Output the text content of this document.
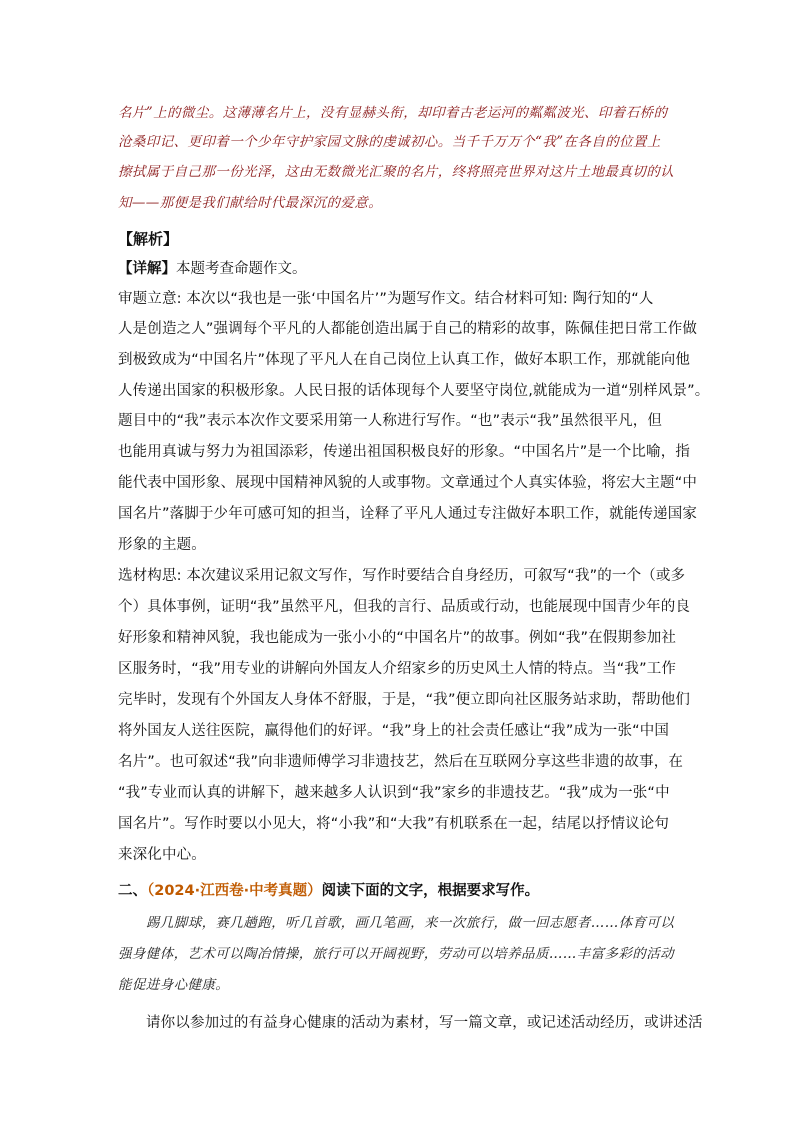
名片”上的微尘。这薄薄名片上，没有显赫头衔，却印着古老运河的粼粼波光、印着石桥的
沧桑印记、更印着一个少年守护家园文脉的虔诚初心。当千千万万个“我”在各自的位置上
擦拭属于自己那一份光泽，这由无数微光汇聚的名片，终将照亮世界对这片土地最真切的认
知——那便是我们献给时代最深沉的爱意。
【解析】
【详解】本题考查命题作文。
审题立意: 本次以“我也是一张‘中国名片’”为题写作文。结合材料可知: 陶行知的“人
人是创造之人”强调每个平凡的人都能创造出属于自己的精彩的故事，陈佩佳把日常工作做
到极致成为“中国名片”体现了平凡人在自己岗位上认真工作，做好本职工作，那就能向他
人传递出国家的积极形象。人民日报的话体现每个人要坚守岗位,就能成为一道“别样风景”。
题目中的“我”表示本次作文要采用第一人称进行写作。“也”表示“我”虽然很平凡，但
也能用真诚与努力为祖国添彩，传递出祖国积极良好的形象。“中国名片”是一个比喻，指
能代表中国形象、展现中国精神风貌的人或事物。文章通过个人真实体验，将宏大主题“中
国名片”落脚于少年可感可知的担当，诠释了平凡人通过专注做好本职工作，就能传递国家
形象的主题。
选材构思: 本次建议采用记叙文写作，写作时要结合自身经历，可叙写“我”的一个（或多
个）具体事例，证明“我”虽然平凡，但我的言行、品质或行动，也能展现中国青少年的良
好形象和精神风貌，我也能成为一张小小的“中国名片”的故事。例如“我”在假期参加社
区服务时，“我”用专业的讲解向外国友人介绍家乡的历史风土人情的特点。当“我”工作
完毕时，发现有个外国友人身体不舒服，于是，“我”便立即向社区服务站求助，帮助他们
将外国友人送往医院，赢得他们的好评。“我”身上的社会责任感让“我”成为一张“中国
名片”。也可叙述“我”向非遗师傅学习非遗技艺，然后在互联网分享这些非遗的故事，在
“我”专业而认真的讲解下，越来越多人认识到“我”家乡的非遗技艺。“我”成为一张“中
国名片”。写作时要以小见大，将“小我”和“大我”有机联系在一起，结尾以抒情议论句
来深化中心。
二、（2024·江西卷·中考真题）阅读下面的文字，根据要求写作。
踢几脚球，赛几趟跑，听几首歌，画几笔画，来一次旅行，做一回志愿者……体育可以
强身健体，艺术可以陶冶情操，旅行可以开阔视野，劳动可以培养品质……丰富多彩的活动
能促进身心健康。
请你以参加过的有益身心健康的活动为素材，写一篇文章，或记述活动经历，或讲述活
